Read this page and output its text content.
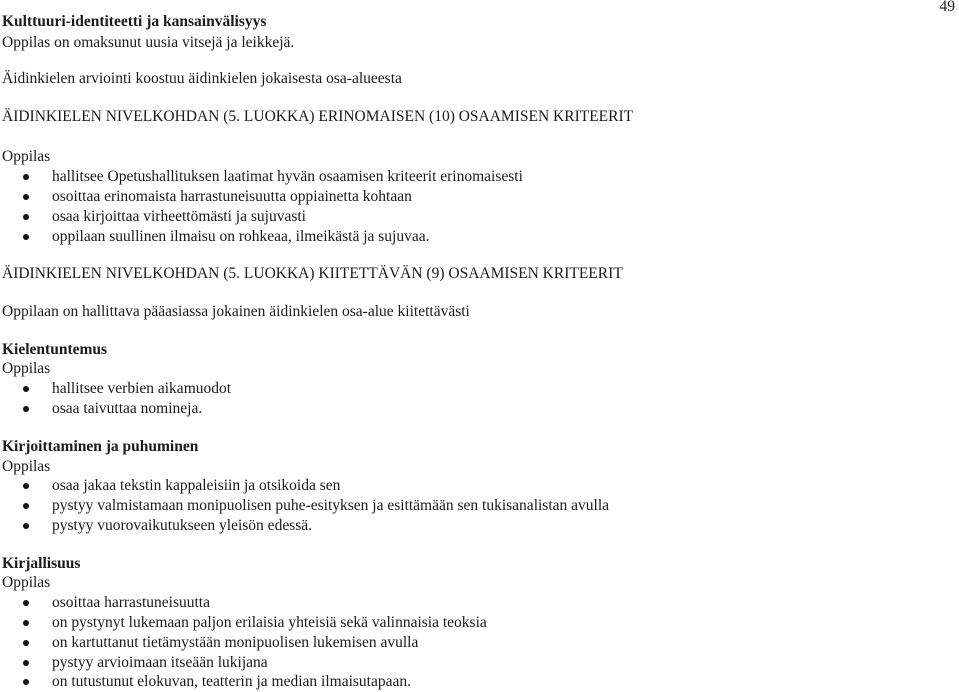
49
Kulttuuri-identiteetti ja kansainvälisyys
Oppilas on omaksunut uusia vitsejä ja leikkejä.
Äidinkielen arviointi koostuu äidinkielen jokaisesta osa-alueesta
ÄIDINKIELEN NIVELKOHDAN (5. LUOKKA) ERINOMAISEN (10) OSAAMISEN KRITEERIT
Oppilas
hallitsee Opetushallituksen laatimat hyvän osaamisen kriteerit erinomaisesti
osoittaa erinomaista harrastuneisuutta oppiainetta kohtaan
osaa kirjoittaa virheettömästi ja sujuvasti
oppilaan suullinen ilmaisu on rohkeaa, ilmeikästä ja sujuvaa.
ÄIDINKIELEN NIVELKOHDAN (5. LUOKKA) KIITETTÄVÄN (9) OSAAMISEN KRITEERIT
Oppilaan on hallittava pääasiassa jokainen äidinkielen osa-alue kiitettävästi
Kielentuntemus
Oppilas
hallitsee verbien aikamuodot
osaa taivuttaa nomineja.
Kirjoittaminen ja puhuminen
Oppilas
osaa jakaa tekstin kappaleisiin ja otsikoida sen
pystyy valmistamaan monipuolisen puhe-esityksen ja esittämään sen tukisanalistan avulla
pystyy vuorovaikutukseen yleisön edessä.
Kirjallisuus
Oppilas
osoittaa harrastuneisuutta
on pystynyt lukemaan paljon erilaisia yhteisiä sekä valinnaisia teoksia
on kartuttanut tietämystään monipuolisen lukemisen avulla
pystyy arvioimaan itseään lukijana
on tutustunut elokuvan, teatterin ja median ilmaisutapaan.
